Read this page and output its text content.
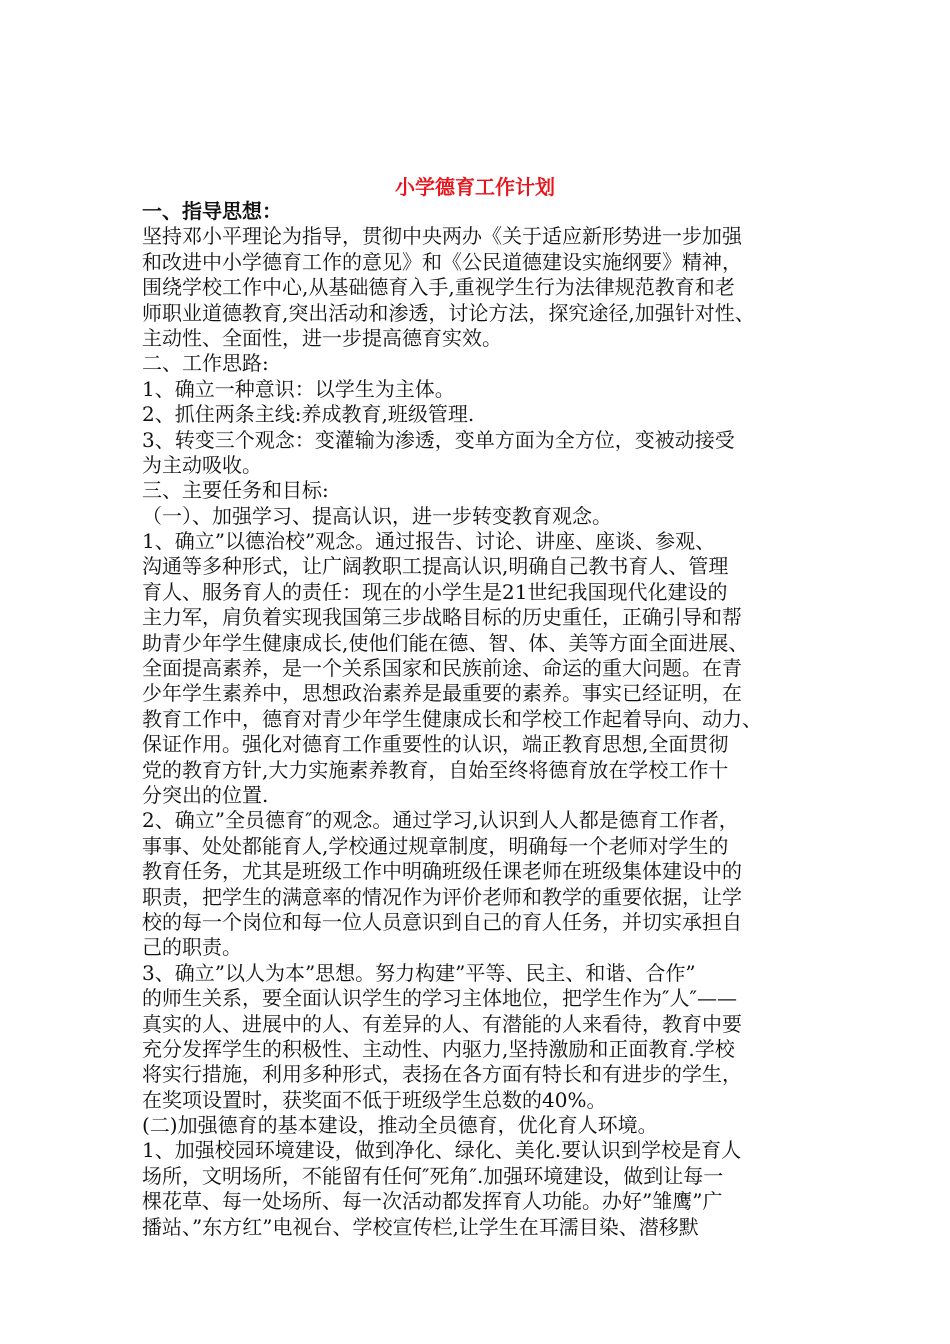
小学德育工作计划
一、指导思想：
坚持邓小平理论为指导，贯彻中央两办《关于适应新形势进一步加强
和改进中小学德育工作的意见》和《公民道德建设实施纲要》精神，
围绕学校工作中心,从基础德育入手,重视学生行为法律规范教育和老
师职业道德教育,突出活动和渗透，讨论方法，探究途径,加强针对性、
主动性、全面性，进一步提高德育实效。
二、工作思路:
1、确立一种意识：以学生为主体。
2、抓住两条主线:养成教育,班级管理.
3、转变三个观念：变灌输为渗透，变单方面为全方位，变被动接受
为主动吸收。
三、主要任务和目标:
（一）、加强学习、提高认识，进一步转变教育观念。
1、确立”以德治校”观念。通过报告、讨论、讲座、座谈、参观、
沟通等多种形式，让广阔教职工提高认识,明确自己教书育人、管理
育人、服务育人的责任：现在的小学生是21世纪我国现代化建设的
主力军，肩负着实现我国第三步战略目标的历史重任，正确引导和帮
助青少年学生健康成长,使他们能在德、智、体、美等方面全面进展、
全面提高素养，是一个关系国家和民族前途、命运的重大问题。在青
少年学生素养中，思想政治素养是最重要的素养。事实已经证明，在
教育工作中，德育对青少年学生健康成长和学校工作起着导向、动力、
保证作用。强化对德育工作重要性的认识，端正教育思想,全面贯彻
党的教育方针,大力实施素养教育，自始至终将德育放在学校工作十
分突出的位置.
2、确立”全员德育″的观念。通过学习,认识到人人都是德育工作者，
事事、处处都能育人,学校通过规章制度，明确每一个老师对学生的
教育任务，尤其是班级工作中明确班级任课老师在班级集体建设中的
职责，把学生的满意率的情况作为评价老师和教学的重要依据，让学
校的每一个岗位和每一位人员意识到自己的育人任务，并切实承担自
己的职责。
3、确立”以人为本”思想。努力构建”平等、民主、和谐、合作”
的师生关系，要全面认识学生的学习主体地位，把学生作为″人″——
真实的人、进展中的人、有差异的人、有潜能的人来看待，教育中要
充分发挥学生的积极性、主动性、内驱力,坚持激励和正面教育.学校
将实行措施，利用多种形式，表扬在各方面有特长和有进步的学生，
在奖项设置时，获奖面不低于班级学生总数的40%。
(二)加强德育的基本建设，推动全员德育，优化育人环境。
1、加强校园环境建设，做到净化、绿化、美化.要认识到学校是育人
场所，文明场所，不能留有任何″死角″.加强环境建设，做到让每一
棵花草、每一处场所、每一次活动都发挥育人功能。办好”雏鹰”广
播站、”东方红”电视台、学校宣传栏,让学生在耳濡目染、潜移默
